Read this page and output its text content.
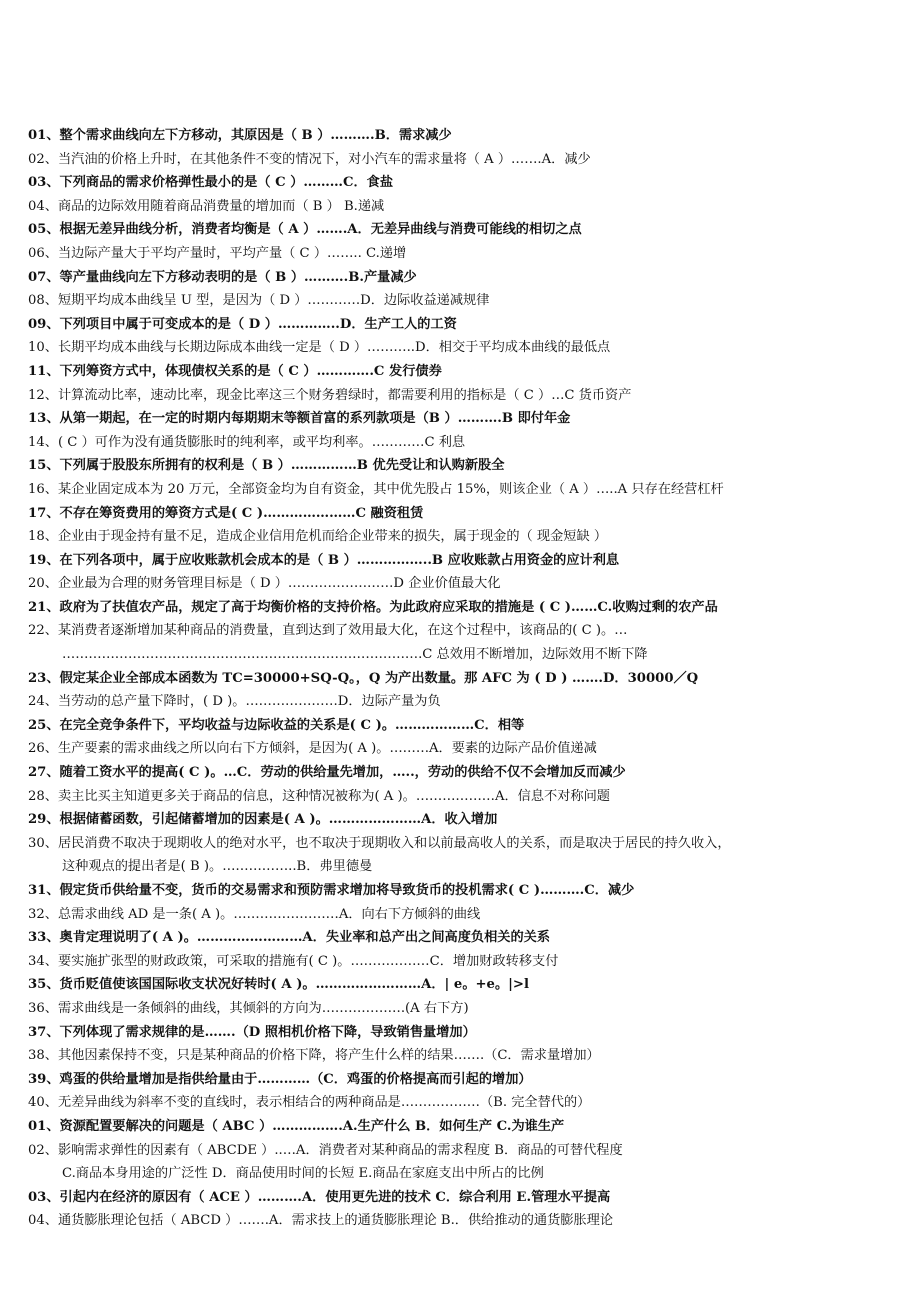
01、整个需求曲线向左下方移动，其原因是（ B ）……….B．需求减少
02、当汽油的价格上升时，在其他条件不变的情况下，对小汽车的需求量将（ A ）…….A．减少
03、下列商品的需求价格弹性最小的是（ C ）………C．食盐
04、商品的边际效用随着商品消费量的增加而（ B ） B.递减
05、根据无差异曲线分析，消费者均衡是（ A ）…….A．无差异曲线与消费可能线的相切之点
06、当边际产量大于平均产量时，平均产量（ C ）…….. C.递增
07、等产量曲线向左下方移动表明的是（ B ）……….B.产量减少
08、短期平均成本曲线呈 U 型，是因为（ D ）…………D．边际收益递减规律
09、下列项目中属于可变成本的是（ D ）…………..D．生产工人的工资
10、长期平均成本曲线与长期边际成本曲线一定是（ D ）………..D．相交于平均成本曲线的最低点
11、下列筹资方式中，体现债权关系的是（ C ）………….C 发行债券
12、计算流动比率，速动比率，现金比率这三个财务碧绿时，都需要利用的指标是（ C ）…C 货币资产
13、从第一期起，在一定的时期内每期期末等额首富的系列款项是（B ）……….B 即付年金
14、( C ）可作为没有通货膨胀时的纯利率，或平均利率。…………C 利息
15、下列属于股股东所拥有的权利是（ B ）……………B 优先受让和认购新股全
16、某企业固定成本为 20 万元，全部资金均为自有资金，其中优先股占 15%，则该企业（ A ）…..A 只存在经营杠杆
17、不存在筹资费用的筹资方式是( C )…………………C 融资租赁
18、企业由于现金持有量不足，造成企业信用危机而给企业带来的损失，属于现金的（ 现金短缺 ）
19、在下列各项中，属于应收账款机会成本的是（ B ）……………..B 应收账款占用资金的应计利息
20、企业最为合理的财务管理目标是（ D ）……………………D 企业价值最大化
21、政府为了扶值农产品，规定了高于均衡价格的支持价格。为此政府应采取的措施是 ( C )……C.收购过剩的农产品
22、某消费者逐渐增加某种商品的消费量，直到达到了效用最大化，在这个过程中，该商品的( C )。…
……………………………………………………………………….C 总效用不断增加，边际效用不断下降
23、假定某企业全部成本函数为 TC=30000+SQ-Q。，Q 为产出数量。那 AFC 为 ( D ) …….D．30000／Q
24、当劳动的总产量下降时，( D )。…………………D．边际产量为负
25、在完全竞争条件下，平均收益与边际收益的关系是( C )。………………C．相等
26、生产要素的需求曲线之所以向右下方倾斜，是因为( A )。………A．要素的边际产品价值递减
27、随着工资水平的提高( C )。…C．劳动的供给量先增加，…..，劳动的供给不仅不会增加反而减少
28、卖主比买主知道更多关于商品的信息，这种情况被称为( A )。………………A．信息不对称问题
29、根据储蓄函数，引起储蓄增加的因素是( A )。…………………A．收入增加
30、居民消费不取决于现期收人的绝对水平，也不取决于现期收入和以前最高收人的关系，而是取决于居民的持久收入，
这种观点的提出者是( B )。……………..B．弗里德曼
31、假定货币供给量不变，货币的交易需求和预防需求增加将导致货币的投机需求( C )……….C．减少
32、总需求曲线 AD 是一条( A )。……………………A．向右下方倾斜的曲线
33、奥肯定理说明了( A )。……………………A．失业率和总产出之间高度负相关的关系
34、要实施扩张型的财政政策，可采取的措施有( C )。………………C．增加财政转移支付
35、货币贬值使该国国际收支状况好转时( A )。……………………A．| e。+e。|>l
36、需求曲线是一条倾斜的曲线，其倾斜的方向为……………….(A 右下方)
37、下列体现了需求规律的是…….（D 照相机价格下降，导致销售量增加）
38、其他因素保持不变，只是某种商品的价格下降，将产生什么样的结果…….（C．需求量增加）
39、鸡蛋的供给量增加是指供给量由于…………（C．鸡蛋的价格提高而引起的增加）
40、无差异曲线为斜率不变的直线时，表示相结合的两种商品是………………（B. 完全替代的）
01、资源配置要解决的问题是（ ABC ）…………….A.生产什么 B．如何生产 C.为谁生产
02、影响需求弹性的因素有（ ABCDE ）..…A．消费者对某种商品的需求程度 B．商品的可替代程度
C.商品本身用途的广泛性 D．商品使用时间的长短 E.商品在家庭支出中所占的比例
03、引起内在经济的原因有（ ACE ）……….A．使用更先进的技术 C．综合利用 E.管理水平提高
04、通货膨胀理论包括（ ABCD ）…….A．需求技上的通货膨胀理论 B.．供给推动的通货膨胀理论
